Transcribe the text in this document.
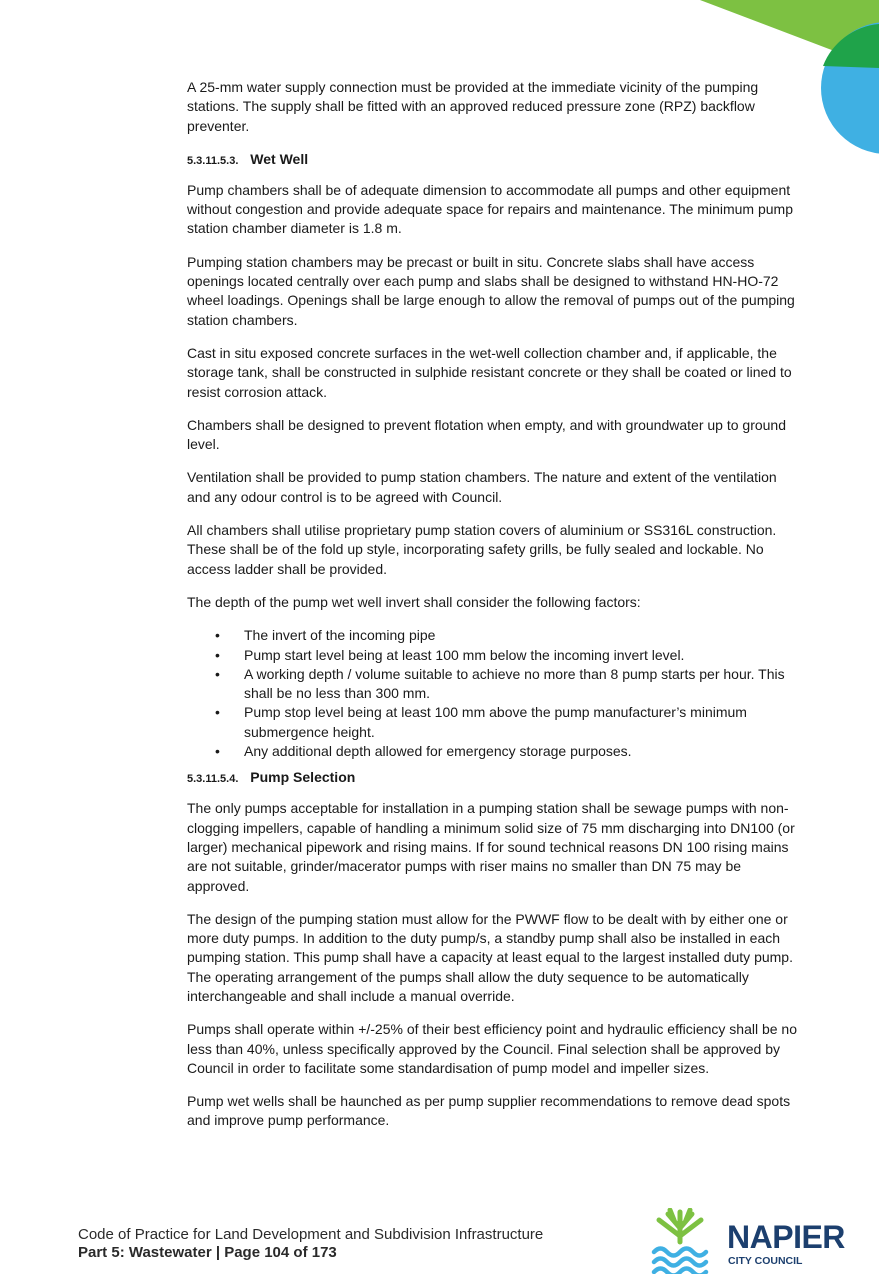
A 25-mm water supply connection must be provided at the immediate vicinity of the pumping stations. The supply shall be fitted with an approved reduced pressure zone (RPZ) backflow preventer.

5.3.11.5.3. Wet Well

Pump chambers shall be of adequate dimension to accommodate all pumps and other equipment without congestion and provide adequate space for repairs and maintenance. The minimum pump station chamber diameter is 1.8 m.

Pumping station chambers may be precast or built in situ. Concrete slabs shall have access openings located centrally over each pump and slabs shall be designed to withstand HN-HO-72 wheel loadings. Openings shall be large enough to allow the removal of pumps out of the pumping station chambers.

Cast in situ exposed concrete surfaces in the wet-well collection chamber and, if applicable, the storage tank, shall be constructed in sulphide resistant concrete or they shall be coated or lined to resist corrosion attack.

Chambers shall be designed to prevent flotation when empty, and with groundwater up to ground level.

Ventilation shall be provided to pump station chambers. The nature and extent of the ventilation and any odour control is to be agreed with Council.

All chambers shall utilise proprietary pump station covers of aluminium or SS316L construction. These shall be of the fold up style, incorporating safety grills, be fully sealed and lockable. No access ladder shall be provided.

The depth of the pump wet well invert shall consider the following factors:

• The invert of the incoming pipe
• Pump start level being at least 100 mm below the incoming invert level.
• A working depth / volume suitable to achieve no more than 8 pump starts per hour. This shall be no less than 300 mm.
• Pump stop level being at least 100 mm above the pump manufacturer’s minimum submergence height.
• Any additional depth allowed for emergency storage purposes.
5.3.11.5.4. Pump Selection

The only pumps acceptable for installation in a pumping station shall be sewage pumps with non-clogging impellers, capable of handling a minimum solid size of 75 mm discharging into DN100 (or larger) mechanical pipework and rising mains. If for sound technical reasons DN 100 rising mains are not suitable, grinder/macerator pumps with riser mains no smaller than DN 75 may be approved.

The design of the pumping station must allow for the PWWF flow to be dealt with by either one or more duty pumps. In addition to the duty pump/s, a standby pump shall also be installed in each pumping station. This pump shall have a capacity at least equal to the largest installed duty pump. The operating arrangement of the pumps shall allow the duty sequence to be automatically interchangeable and shall include a manual override.

Pumps shall operate within +/-25% of their best efficiency point and hydraulic efficiency shall be no less than 40%, unless specifically approved by the Council. Final selection shall be approved by Council in order to facilitate some standardisation of pump model and impeller sizes.

Pump wet wells shall be haunched as per pump supplier recommendations to remove dead spots and improve pump performance.

Code of Practice for Land Development and Subdivision Infrastructure
Part 5: Wastewater | Page 104 of 173	NAPIER
CITY COUNCIL
